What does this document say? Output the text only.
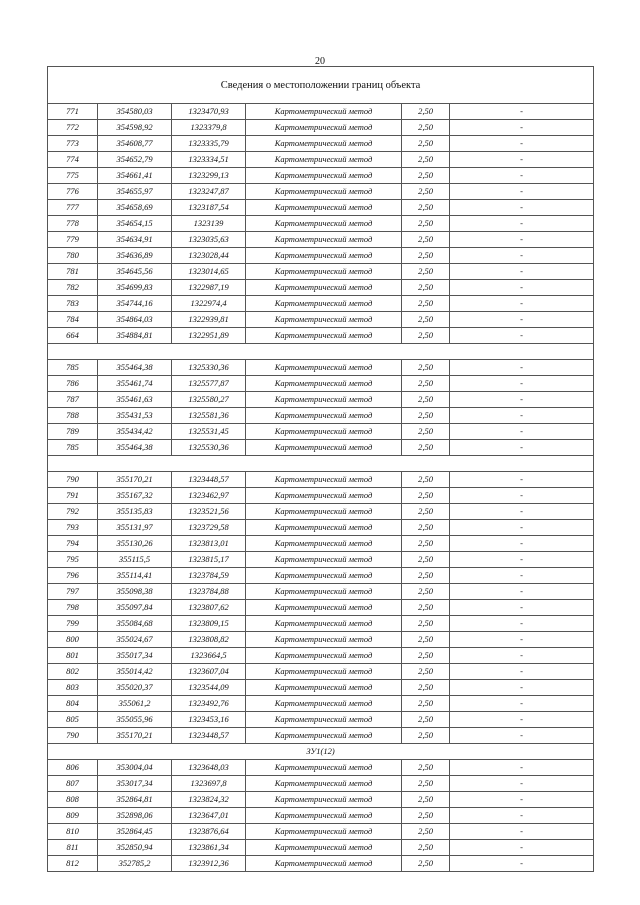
20
Сведения о местоположении границ объекта					
771	354580,03	1323470,93	Картометрический метод	2,50	-
772	354598,92	1323379,8	Картометрический метод	2,50	-
773	354608,77	1323335,79	Картометрический метод	2,50	-
774	354652,79	1323334,51	Картометрический метод	2,50	-
775	354661,41	1323299,13	Картометрический метод	2,50	-
776	354655,97	1323247,87	Картометрический метод	2,50	-
777	354658,69	1323187,54	Картометрический метод	2,50	-
778	354654,15	1323139	Картометрический метод	2,50	-
779	354634,91	1323035,63	Картометрический метод	2,50	-
780	354636,89	1323028,44	Картометрический метод	2,50	-
781	354645,56	1323014,65	Картометрический метод	2,50	-
782	354699,83	1322987,19	Картометрический метод	2,50	-
783	354744,16	1322974,4	Картометрический метод	2,50	-
784	354864,03	1322939,81	Картометрический метод	2,50	-
664	354884,81	1322951,89	Картометрический метод	2,50	-

785	355464,38	1325330,36	Картометрический метод	2,50	-
786	355461,74	1325577,87	Картометрический метод	2,50	-
787	355461,63	1325580,27	Картометрический метод	2,50	-
788	355431,53	1325581,36	Картометрический метод	2,50	-
789	355434,42	1325531,45	Картометрический метод	2,50	-
785	355464,38	1325530,36	Картометрический метод	2,50	-

790	355170,21	1323448,57	Картометрический метод	2,50	-
791	355167,32	1323462,97	Картометрический метод	2,50	-
792	355135,83	1323521,56	Картометрический метод	2,50	-
793	355131,97	1323729,58	Картометрический метод	2,50	-
794	355130,26	1323813,01	Картометрический метод	2,50	-
795	355115,5	1323815,17	Картометрический метод	2,50	-
796	355114,41	1323784,59	Картометрический метод	2,50	-
797	355098,38	1323784,88	Картометрический метод	2,50	-
798	355097,84	1323807,62	Картометрический метод	2,50	-
799	355084,68	1323809,15	Картометрический метод	2,50	-
800	355024,67	1323808,82	Картометрический метод	2,50	-
801	355017,34	1323664,5	Картометрический метод	2,50	-
802	355014,42	1323607,04	Картометрический метод	2,50	-
803	355020,37	1323544,09	Картометрический метод	2,50	-
804	355061,2	1323492,76	Картометрический метод	2,50	-
805	355055,96	1323453,16	Картометрический метод	2,50	-
790	355170,21	1323448,57	Картометрический метод	2,50	-
ЗУ1(12)					
806	353004,04	1323648,03	Картометрический метод	2,50	-
807	353017,34	1323697,8	Картометрический метод	2,50	-
808	352864,81	1323824,32	Картометрический метод	2,50	-
809	352898,06	1323647,01	Картометрический метод	2,50	-
810	352864,45	1323876,64	Картометрический метод	2,50	-
811	352850,94	1323861,34	Картометрический метод	2,50	-
812	352785,2	1323912,36	Картометрический метод	2,50	-
